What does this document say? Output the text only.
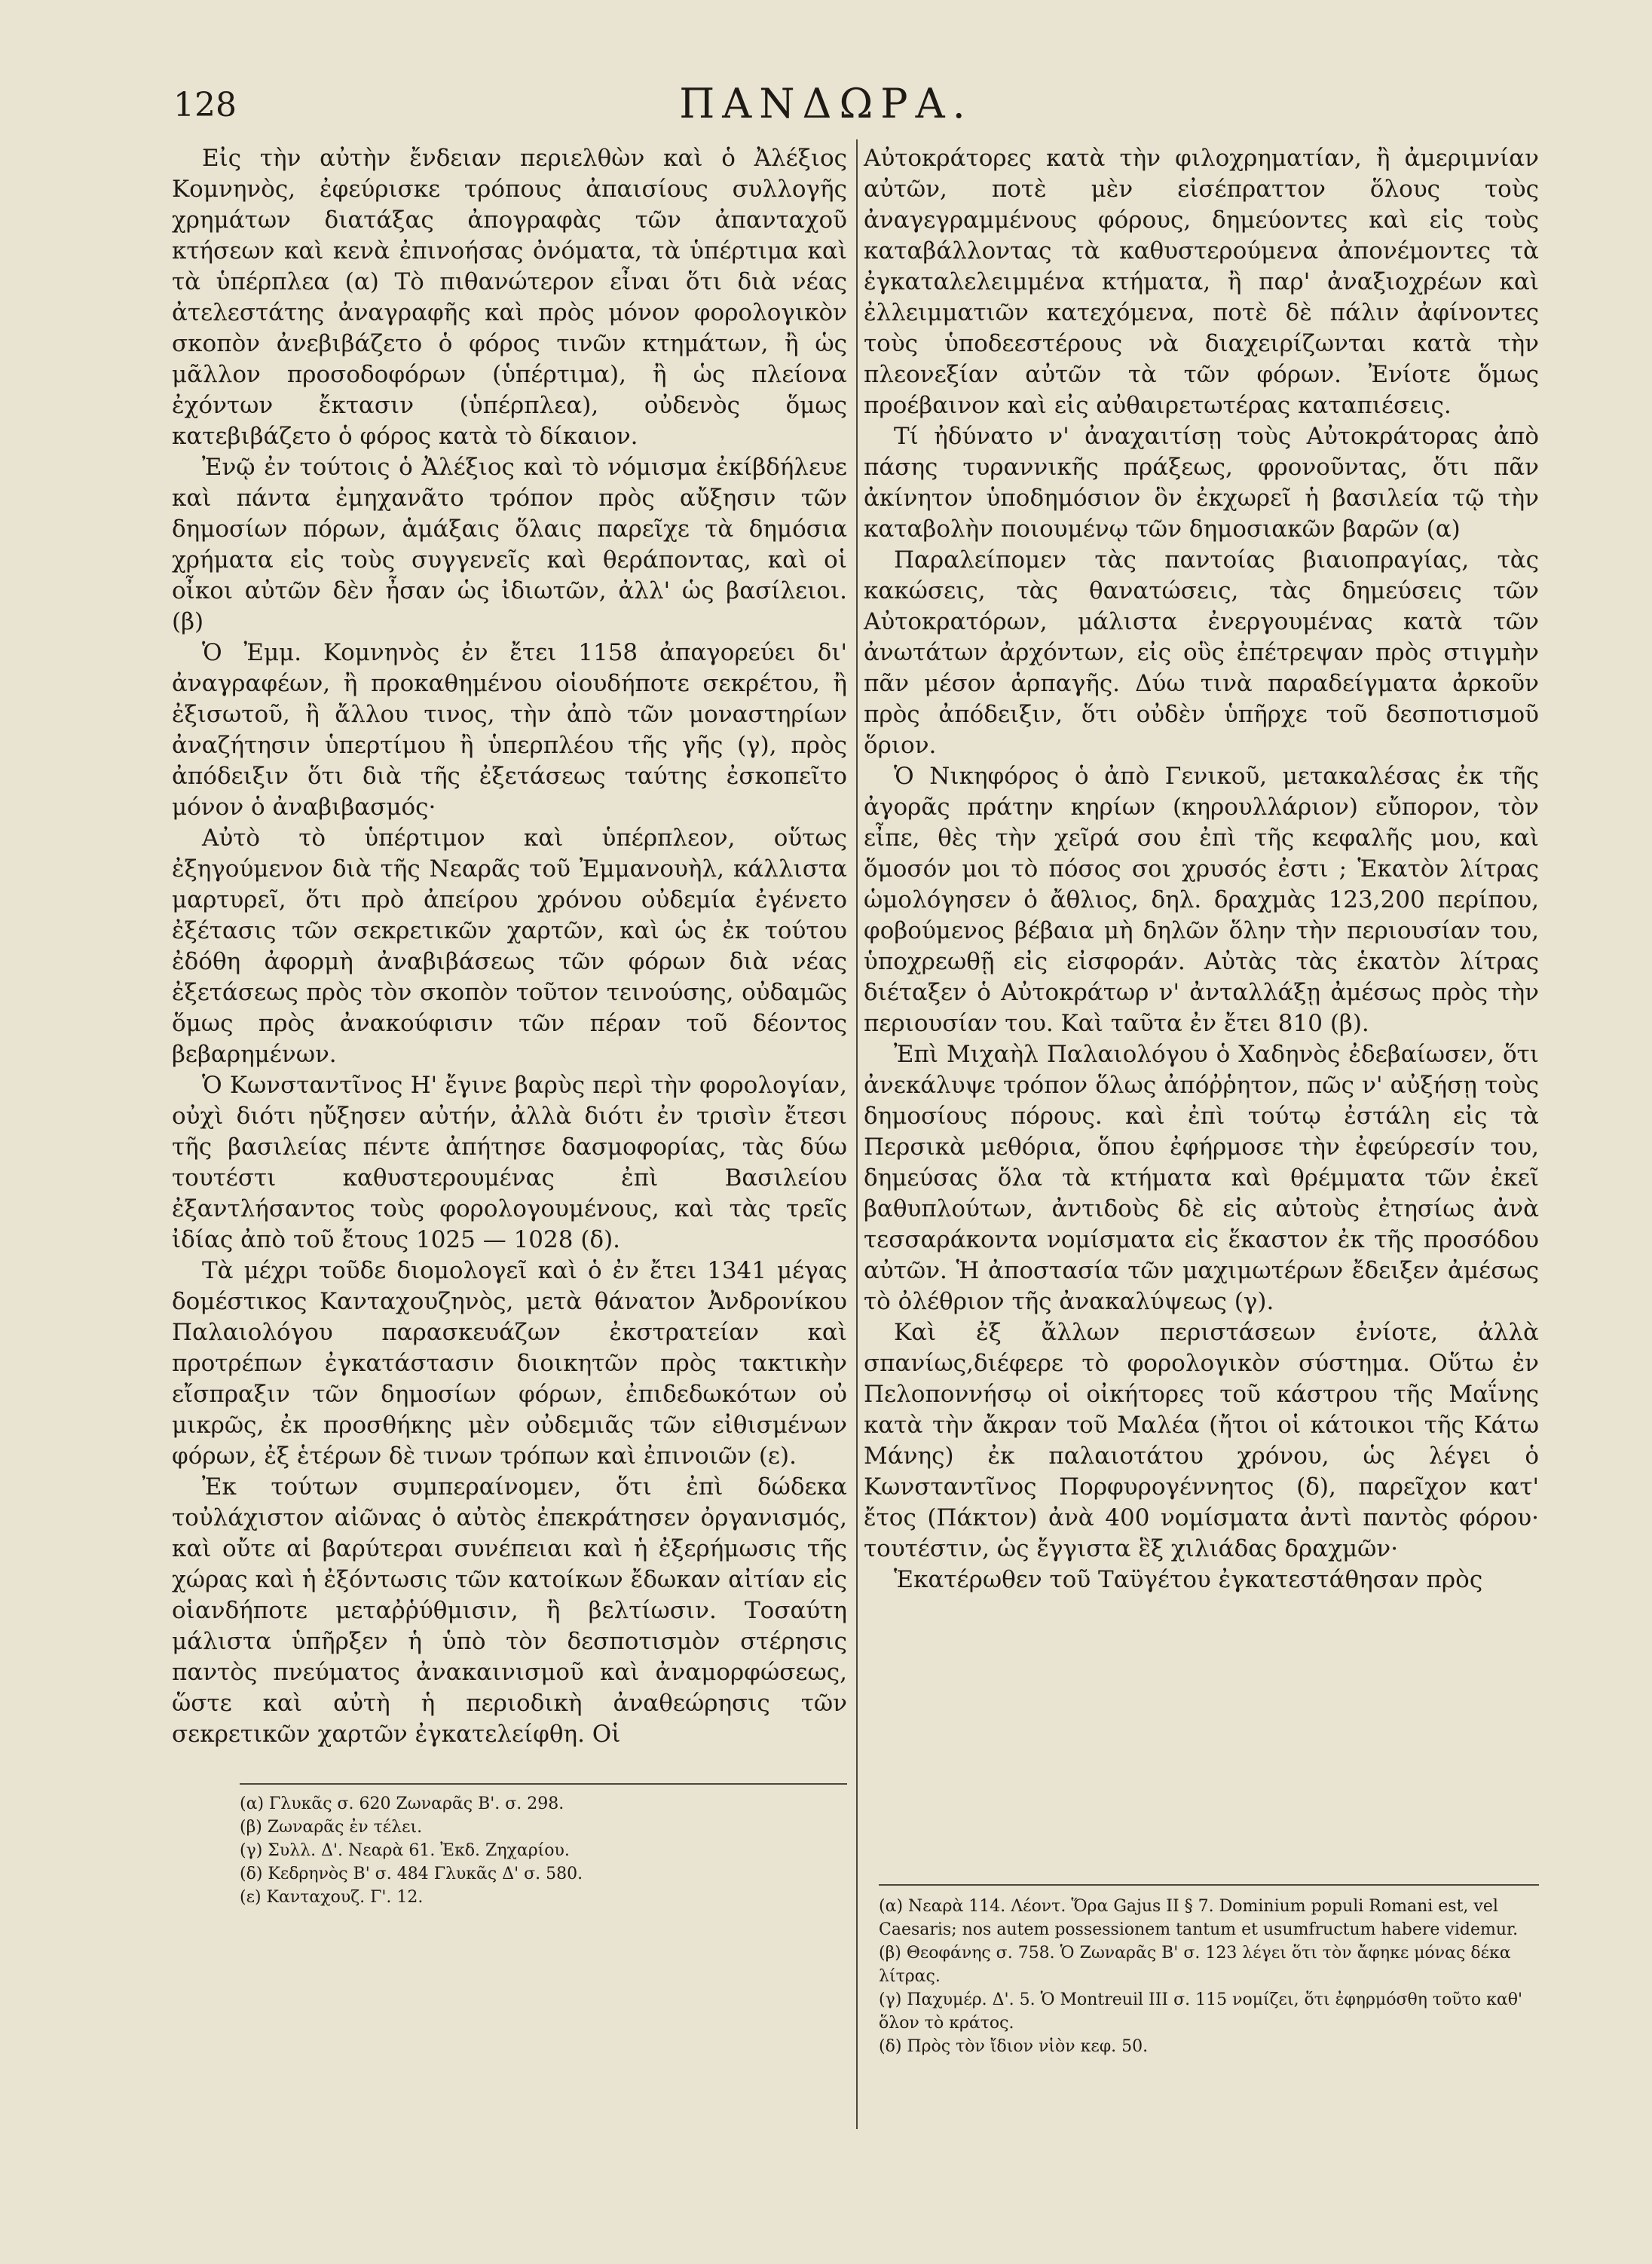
128	ΠΑΝΔΩΡΑ.

Εἰς τὴν αὐτὴν ἔνδειαν περιελθὼν καὶ ὁ Ἀλέξιος Κομνηνὸς, ἐφεύρισκε τρόπους ἀπαισίους συλλογῆς χρημάτων διατάξας ἀπογραφὰς τῶν ἀπανταχοῦ κτήσεων καὶ κενὰ ἐπινοήσας ὀνόματα, τὰ ὑπέρτιμα καὶ τὰ ὑπέρπλεα (α) Τὸ πιθανώτερον εἶναι ὅτι διὰ νέας ἀτελεστάτης ἀναγραφῆς καὶ πρὸς μόνον φορολογικὸν σκοπὸν ἀνεβιβάζετο ὁ φόρος τινῶν κτημάτων, ἢ ὡς μᾶλλον προσοδοφόρων (ὑπέρτιμα), ἢ ὡς πλείονα ἐχόντων ἔκτασιν (ὑπέρπλεα), οὐδενὸς ὅμως κατεβιβάζετο ὁ φόρος κατὰ τὸ δίκαιον.

Ἐνῷ ἐν τούτοις ὁ Ἀλέξιος καὶ τὸ νόμισμα ἐκίβδήλευε καὶ πάντα ἐμηχανᾶτο τρόπον πρὸς αὔξησιν τῶν δημοσίων πόρων, ἁμάξαις ὅλαις παρεῖχε τὰ δημόσια χρήματα εἰς τοὺς συγγενεῖς καὶ θεράποντας, καὶ οἱ οἶκοι αὐτῶν δὲν ἦσαν ὡς ἰδιωτῶν, ἀλλ' ὡς βασίλειοι. (β)

Ὁ Ἐμμ. Κομνηνὸς ἐν ἔτει 1158 ἀπαγορεύει δι' ἀναγραφέων, ἢ προκαθημένου οἱουδήποτε σεκρέτου, ἢ ἐξισωτοῦ, ἢ ἄλλου τινος, τὴν ἀπὸ τῶν μοναστηρίων ἀναζήτησιν ὑπερτίμου ἢ ὑπερπλέου τῆς γῆς (γ), πρὸς ἀπόδειξιν ὅτι διὰ τῆς ἐξετάσεως ταύτης ἐσκοπεῖτο μόνον ὁ ἀναβιβασμός·

Αὐτὸ τὸ ὑπέρτιμον καὶ ὑπέρπλεον, οὕτως ἐξηγούμενον διὰ τῆς Νεαρᾶς τοῦ Ἐμμανουὴλ, κάλλιστα μαρτυρεῖ, ὅτι πρὸ ἀπείρου χρόνου οὐδεμία ἐγένετο ἐξέτασις τῶν σεκρετικῶν χαρτῶν, καὶ ὡς ἐκ τούτου ἐδόθη ἀφορμὴ ἀναβιβάσεως τῶν φόρων διὰ νέας ἐξετάσεως πρὸς τὸν σκοπὸν τοῦτον τεινούσης, οὐδαμῶς ὅμως πρὸς ἀνακούφισιν τῶν πέραν τοῦ δέοντος βεβαρημένων.

Ὁ Κωνσταντῖνος Η' ἔγινε βαρὺς περὶ τὴν φορολογίαν, οὐχὶ διότι ηὔξησεν αὐτήν, ἀλλὰ διότι ἐν τρισὶν ἔτεσι τῆς βασιλείας πέντε ἀπήτησε δασμοφορίας, τὰς δύω τουτέστι καθυστερουμένας ἐπὶ Βασιλείου ἐξαντλήσαντος τοὺς φορολογουμένους, καὶ τὰς τρεῖς ἰδίας ἀπὸ τοῦ ἔτους 1025 — 1028 (δ).

Τὰ μέχρι τοῦδε διομολογεῖ καὶ ὁ ἐν ἔτει 1341 μέγας δομέστικος Κανταχουζηνὸς, μετὰ θάνατον Ἀνδρονίκου Παλαιολόγου παρασκευάζων ἐκστρατείαν καὶ προτρέπων ἐγκατάστασιν διοικητῶν πρὸς τακτικὴν εἴσπραξιν τῶν δημοσίων φόρων, ἐπιδεδωκότων οὐ μικρῶς, ἐκ προσθήκης μὲν οὐδεμιᾶς τῶν εἰθισμένων φόρων, ἐξ ἑτέρων δὲ τινων τρόπων καὶ ἐπινοιῶν (ε).

Ἐκ τούτων συμπεραίνομεν, ὅτι ἐπὶ δώδεκα τοὐλάχιστον αἰῶνας ὁ αὐτὸς ἐπεκράτησεν ὀργανισμός, καὶ οὔτε αἱ βαρύτεραι συνέπειαι καὶ ἡ ἐξερήμωσις τῆς χώρας καὶ ἡ ἐξόντωσις τῶν κατοίκων ἔδωκαν αἰτίαν εἰς οἱανδήποτε μεταῤῥύθμισιν, ἢ βελτίωσιν. Τοσαύτη μάλιστα ὑπῆρξεν ἡ ὑπὸ τὸν δεσποτισμὸν στέρησις παντὸς πνεύματος ἀνακαινισμοῦ καὶ ἀναμορφώσεως, ὥστε καὶ αὐτὴ ἡ περιοδικὴ ἀναθεώρησις τῶν σεκρετικῶν χαρτῶν ἐγκατελείφθη. Οἱ

Αὐτοκράτορες κατὰ τὴν φιλοχρηματίαν, ἢ ἀμεριμνίαν αὐτῶν, ποτὲ μὲν εἰσέπραττον ὅλους τοὺς ἀναγεγραμμένους φόρους, δημεύοντες καὶ εἰς τοὺς καταβάλλοντας τὰ καθυστερούμενα ἀπονέμοντες τὰ ἐγκαταλελειμμένα κτήματα, ἢ παρ' ἀναξιοχρέων καὶ ἐλλειμματιῶν κατεχόμενα, ποτὲ δὲ πάλιν ἀφίνοντες τοὺς ὑποδεεστέρους νὰ διαχειρίζωνται κατὰ τὴν πλεονεξίαν αὐτῶν τὰ τῶν φόρων. Ἐνίοτε ὅμως προέβαινον καὶ εἰς αὐθαιρετωτέρας καταπιέσεις.

Τί ἠδύνατο ν' ἀναχαιτίσῃ τοὺς Αὐτοκράτορας ἀπὸ πάσης τυραννικῆς πράξεως, φρονοῦντας, ὅτι πᾶν ἀκίνητον ὑποδημόσιον ὃν ἐκχωρεῖ ἡ βασιλεία τῷ τὴν καταβολὴν ποιουμένῳ τῶν δημοσιακῶν βαρῶν (α)

Παραλείπομεν τὰς παντοίας βιαιοπραγίας, τὰς κακώσεις, τὰς θανατώσεις, τὰς δημεύσεις τῶν Αὐτοκρατόρων, μάλιστα ἐνεργουμένας κατὰ τῶν ἀνωτάτων ἀρχόντων, εἰς οὓς ἐπέτρεψαν πρὸς στιγμὴν πᾶν μέσον ἁρπαγῆς. Δύω τινὰ παραδείγματα ἀρκοῦν πρὸς ἀπόδειξιν, ὅτι οὐδὲν ὑπῆρχε τοῦ δεσποτισμοῦ ὅριον.

Ὁ Νικηφόρος ὁ ἀπὸ Γενικοῦ, μετακαλέσας ἐκ τῆς ἀγορᾶς πράτην κηρίων (κηρουλλάριον) εὔπορον, τὸν εἶπε, θὲς τὴν χεῖρά σου ἐπὶ τῆς κεφαλῆς μου, καὶ ὅμοσόν μοι τὸ πόσος σοι χρυσός ἐστι ; Ἑκατὸν λίτρας ὡμολόγησεν ὁ ἄθλιος, δηλ. δραχμὰς 123,200 περίπου, φοβούμενος βέβαια μὴ δηλῶν ὅλην τὴν περιουσίαν του, ὑποχρεωθῇ εἰς εἰσφοράν. Αὐτὰς τὰς ἑκατὸν λίτρας διέταξεν ὁ Αὐτοκράτωρ ν' ἀνταλλάξῃ ἀμέσως πρὸς τὴν περιουσίαν του. Καὶ ταῦτα ἐν ἔτει 810 (β).

Ἐπὶ Μιχαὴλ Παλαιολόγου ὁ Χαδηνὸς ἐδεβαίωσεν, ὅτι ἀνεκάλυψε τρόπον ὅλως ἀπόῤῥητον, πῶς ν' αὐξήσῃ τοὺς δημοσίους πόρους. καὶ ἐπὶ τούτῳ ἐστάλη εἰς τὰ Περσικὰ μεθόρια, ὅπου ἐφήρμοσε τὴν ἐφεύρεσίν του, δημεύσας ὅλα τὰ κτήματα καὶ θρέμματα τῶν ἐκεῖ βαθυπλούτων, ἀντιδοὺς δὲ εἰς αὐτοὺς ἐτησίως ἀνὰ τεσσαράκοντα νομίσματα εἰς ἕκαστον ἐκ τῆς προσόδου αὐτῶν. Ἡ ἀποστασία τῶν μαχιμωτέρων ἔδειξεν ἀμέσως τὸ ὀλέθριον τῆς ἀνακαλύψεως (γ).

Καὶ ἐξ ἄλλων περιστάσεων ἐνίοτε, ἀλλὰ σπανίως,διέφερε τὸ φορολογικὸν σύστημα. Οὕτω ἐν Πελοποννήσῳ οἱ οἰκήτορες τοῦ κάστρου τῆς Μαΐνης κατὰ τὴν ἄκραν τοῦ Μαλέα (ἤτοι οἱ κάτοικοι τῆς Κάτω Μάνης) ἐκ παλαιοτάτου χρόνου, ὡς λέγει ὁ Κωνσταντῖνος Πορφυρογέννητος (δ), παρεῖχον κατ' ἔτος (Πάκτον) ἀνὰ 400 νομίσματα ἀντὶ παντὸς φόρου· τουτέστιν, ὡς ἔγγιστα ἓξ χιλιάδας δραχμῶν·

Ἑκατέρωθεν τοῦ Ταϋγέτου ἐγκατεστάθησαν πρὸς

(α) Γλυκᾶς σ. 620 Ζωναρᾶς Β'. σ. 298.

(β) Ζωναρᾶς ἐν τέλει.

(γ) Συλλ. Δ'. Νεαρὰ 61. Ἐκδ. Ζηχαρίου.

(δ) Κεδρηνὸς Β' σ. 484 Γλυκᾶς Δ' σ. 580.

(ε) Κανταχουζ. Γ'. 12.	(α) Νεαρὰ 114. Λέοντ. Ὅρα Gajus II § 7. Dominium populi Romani est, vel Caesaris; nos autem possessionem tantum et usumfructum habere videmur.

(β) Θεοφάνης σ. 758. Ὁ Ζωναρᾶς Β' σ. 123 λέγει ὅτι τὸν ἄφηκε μόνας δέκα λίτρας.

(γ) Παχυμέρ. Δ'. 5. Ὁ Montreuil III σ. 115 νομίζει, ὅτι ἐφηρμόσθη τοῦτο καθ' ὅλον τὸ κράτος.

(δ) Πρὸς τὸν ἴδιον νἱὸν κεφ. 50.
